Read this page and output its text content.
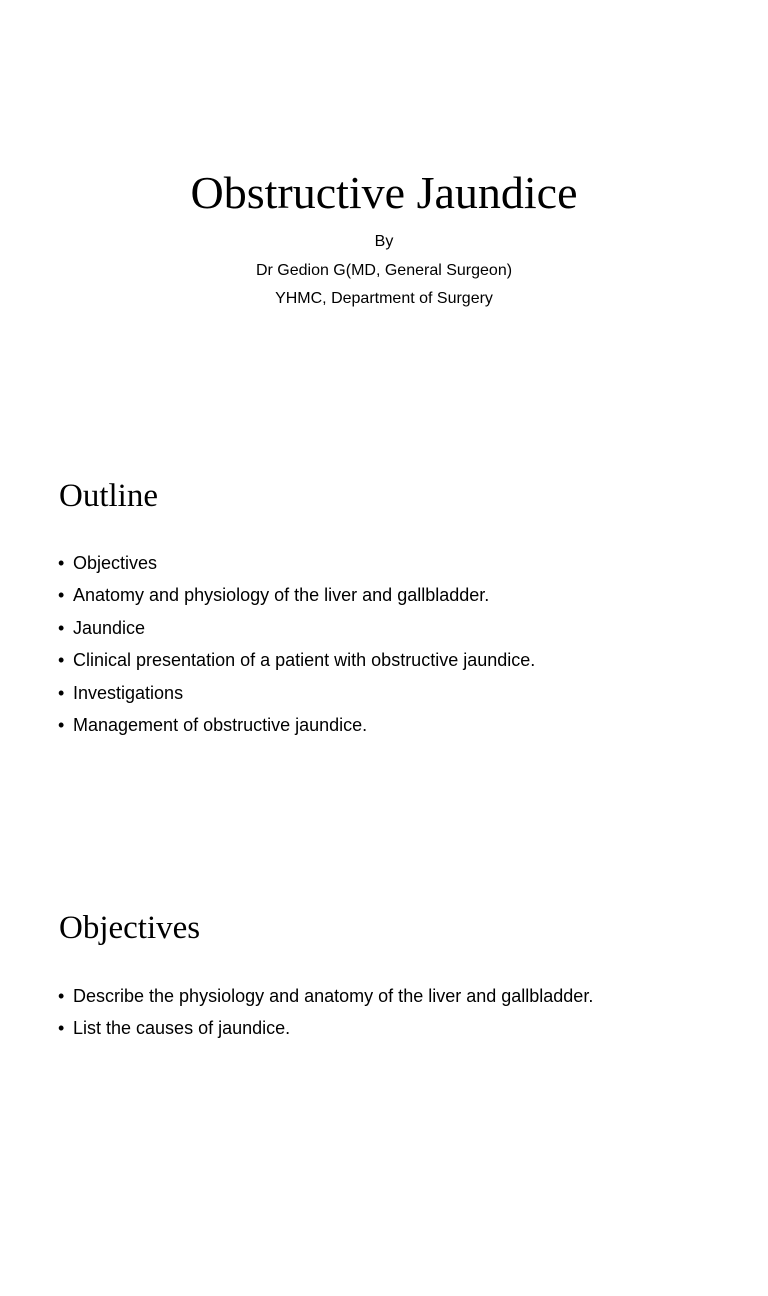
Obstructive Jaundice
By
Dr Gedion G(MD, General Surgeon)
YHMC, Department of Surgery
Outline
• Objectives
• Anatomy and physiology of the liver and gallbladder.
• Jaundice
• Clinical presentation of a patient with obstructive jaundice.
• Investigations
• Management of obstructive jaundice.
Objectives
• Describe the physiology and anatomy of the liver and gallbladder.
• List the causes of jaundice.
